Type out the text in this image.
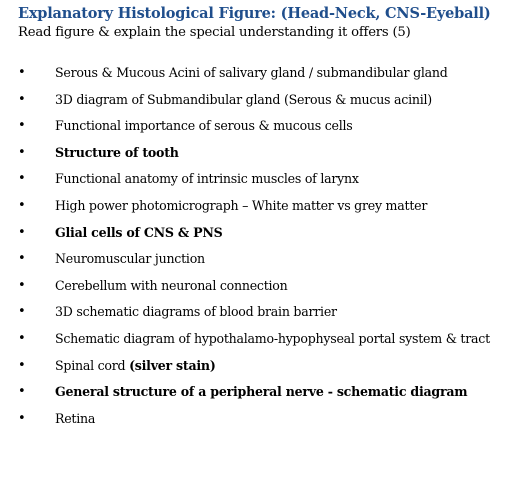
Explanatory Histological Figure: (Head-Neck, CNS-Eyeball)
Read figure & explain the special understanding it offers (5)
• Serous & Mucous Acini of salivary gland / submandibular gland
• 3D diagram of Submandibular gland (Serous & mucus acinil)
• Functional importance of serous & mucous cells
• Structure of tooth
• Functional anatomy of intrinsic muscles of larynx
• High power photomicrograph – White matter vs grey matter
• Glial cells of CNS & PNS
• Neuromuscular junction
• Cerebellum with neuronal connection
• 3D schematic diagrams of blood brain barrier
• Schematic diagram of hypothalamo-hypophyseal portal system & tract
• Spinal cord (silver stain)
• General structure of a peripheral nerve - schematic diagram
• Retina
